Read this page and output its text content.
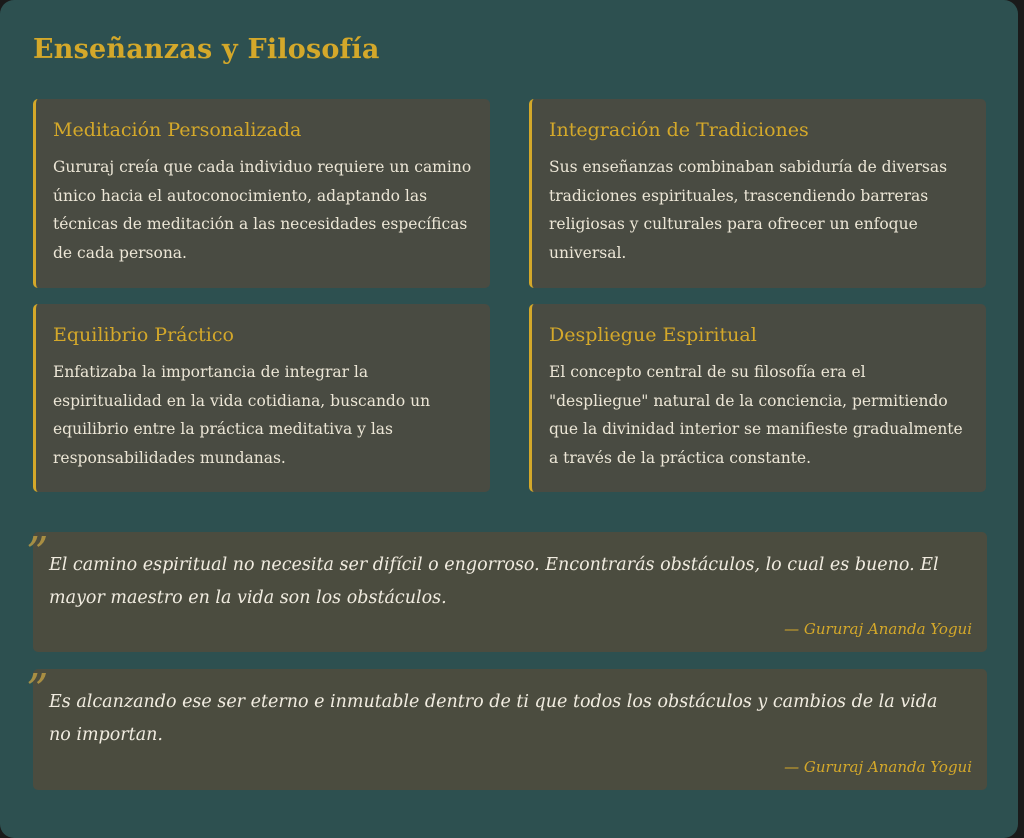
Enseñanzas y Filosofía
Meditación Personalizada

Gururaj creía que cada individuo requiere un camino único hacia el autoconocimiento, adaptando las técnicas de meditación a las necesidades específicas de cada persona.

Integración de Tradiciones

Sus enseñanzas combinaban sabiduría de diversas tradiciones espirituales, trascendiendo barreras religiosas y culturales para ofrecer un enfoque universal.

Equilibrio Práctico

Enfatizaba la importancia de integrar la espiritualidad en la vida cotidiana, buscando un equilibrio entre la práctica meditativa y las responsabilidades mundanas.

Despliegue Espiritual

El concepto central de su filosofía era el "despliegue" natural de la conciencia, permitiendo que la divinidad interior se manifieste gradualmente a través de la práctica constante.

” El camino espiritual no necesita ser difícil o engorroso. Encontrarás obstáculos, lo cual es bueno. El mayor maestro en la vida son los obstáculos.

— Gururaj Ananda Yogui
” Es alcanzando ese ser eterno e inmutable dentro de ti que todos los obstáculos y cambios de la vida no importan.

— Gururaj Ananda Yogui
